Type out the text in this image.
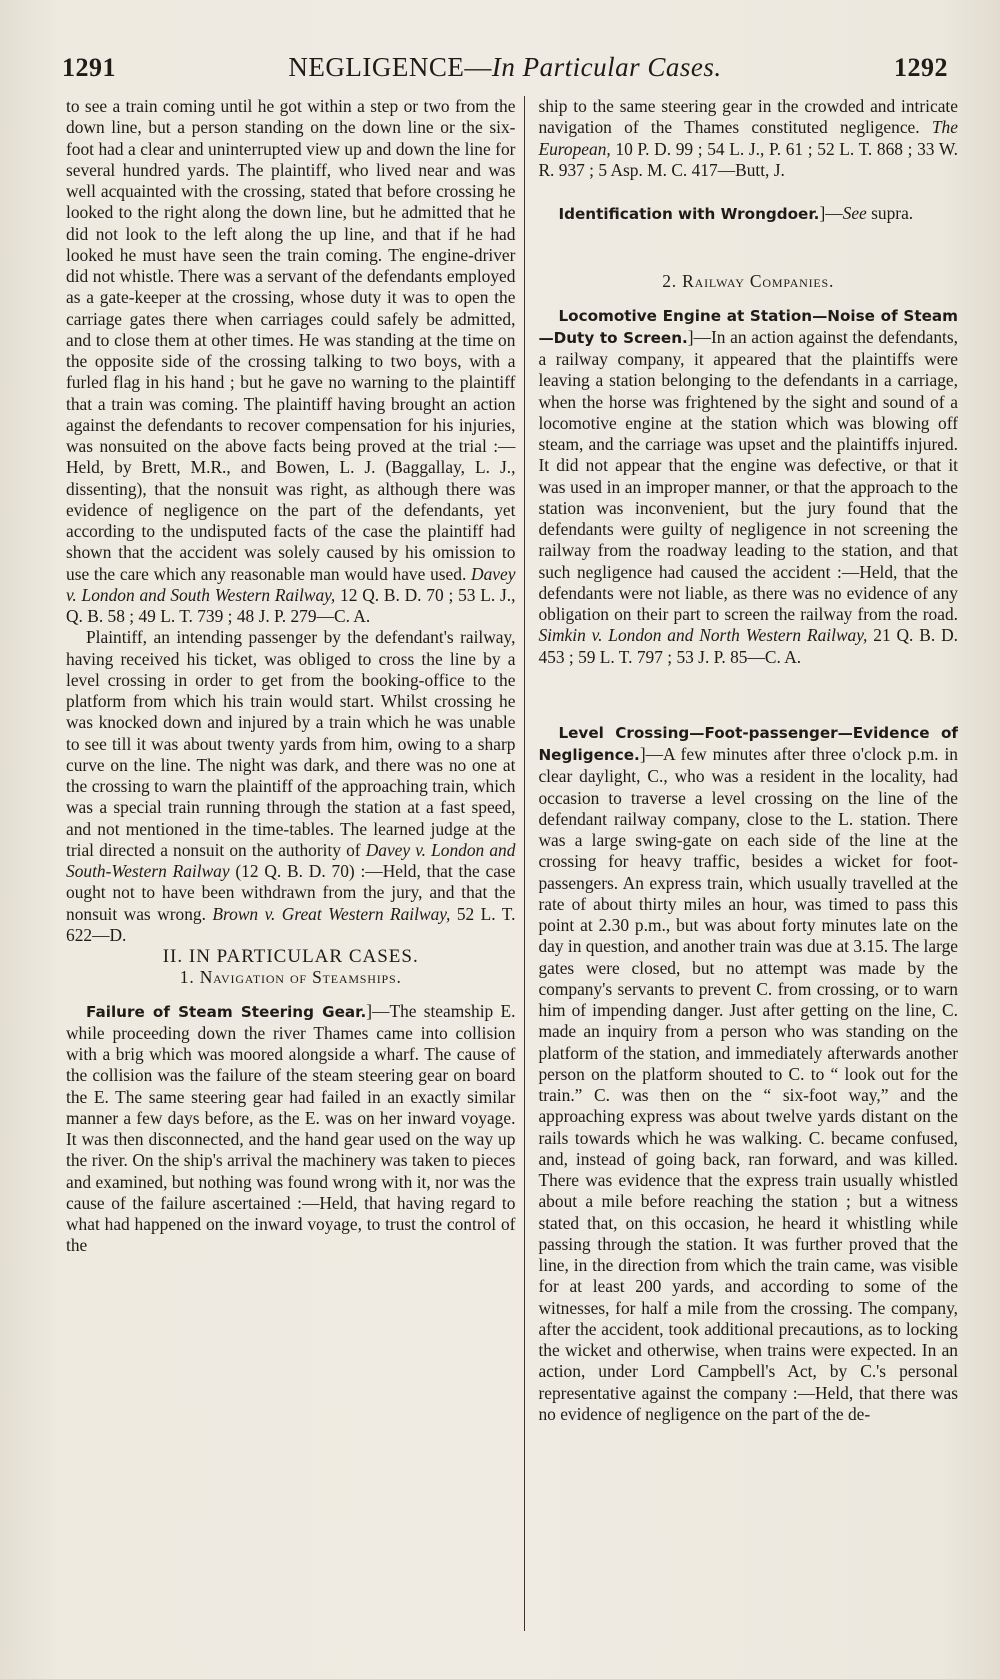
1291	NEGLIGENCE—In Particular Cases.	1292

to see a train coming until he got within a step or two from the down line, but a person standing on the down line or the six-foot had a clear and uninterrupted view up and down the line for several hundred yards. The plaintiff, who lived near and was well acquainted with the crossing, stated that before crossing he looked to the right along the down line, but he admitted that he did not look to the left along the up line, and that if he had looked he must have seen the train coming. The engine-driver did not whistle. There was a servant of the defendants employed as a gate-keeper at the crossing, whose duty it was to open the carriage gates there when carriages could safely be admitted, and to close them at other times. He was standing at the time on the opposite side of the crossing talking to two boys, with a furled flag in his hand ; but he gave no warning to the plaintiff that a train was coming. The plaintiff having brought an action against the defendants to recover compensation for his injuries, was nonsuited on the above facts being proved at the trial :—Held, by Brett, M.R., and Bowen, L. J. (Baggallay, L. J., dissenting), that the nonsuit was right, as although there was evidence of negligence on the part of the defendants, yet according to the undisputed facts of the case the plaintiff had shown that the accident was solely caused by his omission to use the care which any reasonable man would have used. Davey v. London and South Western Railway, 12 Q. B. D. 70 ; 53 L. J., Q. B. 58 ; 49 L. T. 739 ; 48 J. P. 279—C. A.

Plaintiff, an intending passenger by the defendant's railway, having received his ticket, was obliged to cross the line by a level crossing in order to get from the booking-office to the platform from which his train would start. Whilst crossing he was knocked down and injured by a train which he was unable to see till it was about twenty yards from him, owing to a sharp curve on the line. The night was dark, and there was no one at the crossing to warn the plaintiff of the approaching train, which was a special train running through the station at a fast speed, and not mentioned in the time-tables. The learned judge at the trial directed a nonsuit on the authority of Davey v. London and South-Western Railway (12 Q. B. D. 70) :—Held, that the case ought not to have been withdrawn from the jury, and that the nonsuit was wrong. Brown v. Great Western Railway, 52 L. T. 622—D.

II. IN PARTICULAR CASES.

1. Navigation of Steamships.

Failure of Steam Steering Gear.]—The steamship E. while proceeding down the river Thames came into collision with a brig which was moored alongside a wharf. The cause of the collision was the failure of the steam steering gear on board the E. The same steering gear had failed in an exactly similar manner a few days before, as the E. was on her inward voyage. It was then disconnected, and the hand gear used on the way up the river. On the ship's arrival the machinery was taken to pieces and examined, but nothing was found wrong with it, nor was the cause of the failure ascertained :—Held, that having regard to what had happened on the inward voyage, to trust the control of the

ship to the same steering gear in the crowded and intricate navigation of the Thames constituted negligence. The European, 10 P. D. 99 ; 54 L. J., P. 61 ; 52 L. T. 868 ; 33 W. R. 937 ; 5 Asp. M. C. 417—Butt, J.

Identification with Wrongdoer.]—See supra.

2. Railway Companies.

Locomotive Engine at Station—Noise of Steam —Duty to Screen.]—In an action against the defendants, a railway company, it appeared that the plaintiffs were leaving a station belonging to the defendants in a carriage, when the horse was frightened by the sight and sound of a locomotive engine at the station which was blowing off steam, and the carriage was upset and the plaintiffs injured. It did not appear that the engine was defective, or that it was used in an improper manner, or that the approach to the station was inconvenient, but the jury found that the defendants were guilty of negligence in not screening the railway from the roadway leading to the station, and that such negligence had caused the accident :—Held, that the defendants were not liable, as there was no evidence of any obligation on their part to screen the railway from the road. Simkin v. London and North Western Railway, 21 Q. B. D. 453 ; 59 L. T. 797 ; 53 J. P. 85—C. A.

Level Crossing—Foot-passenger—Evidence of Negligence.]—A few minutes after three o'clock p.m. in clear daylight, C., who was a resident in the locality, had occasion to traverse a level crossing on the line of the defendant railway company, close to the L. station. There was a large swing-gate on each side of the line at the crossing for heavy traffic, besides a wicket for foot-passengers. An express train, which usually travelled at the rate of about thirty miles an hour, was timed to pass this point at 2.30 p.m., but was about forty minutes late on the day in question, and another train was due at 3.15. The large gates were closed, but no attempt was made by the company's servants to prevent C. from crossing, or to warn him of impending danger. Just after getting on the line, C. made an inquiry from a person who was standing on the platform of the station, and immediately afterwards another person on the platform shouted to C. to “ look out for the train.” C. was then on the “ six-foot way,” and the approaching express was about twelve yards distant on the rails towards which he was walking. C. became confused, and, instead of going back, ran forward, and was killed. There was evidence that the express train usually whistled about a mile before reaching the station ; but a witness stated that, on this occasion, he heard it whistling while passing through the station. It was further proved that the line, in the direction from which the train came, was visible for at least 200 yards, and according to some of the witnesses, for half a mile from the crossing. The company, after the accident, took additional precautions, as to locking the wicket and otherwise, when trains were expected. In an action, under Lord Campbell's Act, by C.'s personal representative against the company :—Held, that there was no evidence of negligence on the part of the de-
